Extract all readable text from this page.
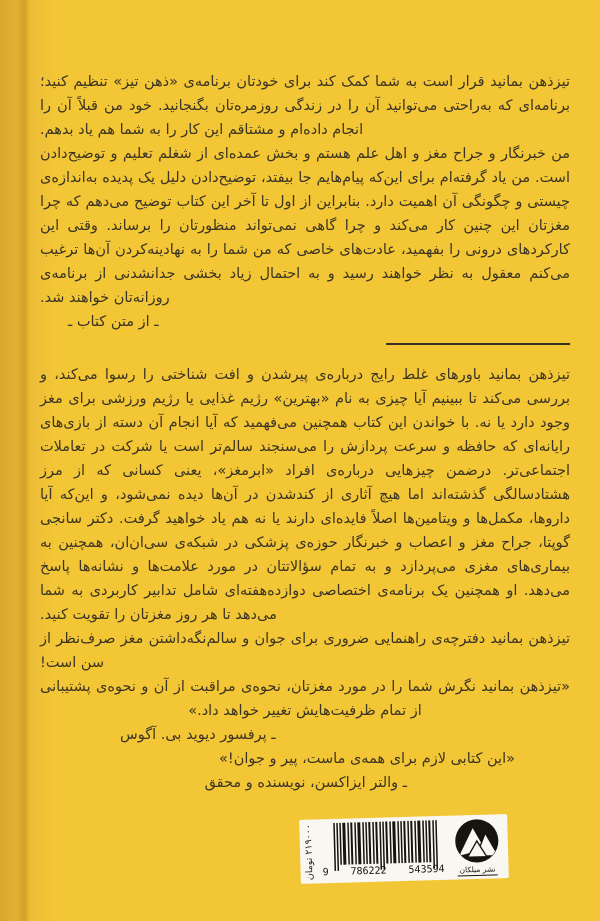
تیزذهن بمانید قرار است به شما کمک کند برای خودتان برنامه‌ی «ذهن تیز» تنظیم کنید؛ برنامه‌ای که به‌راحتی می‌توانید آن را در زندگی روزمره‌تان بگنجانید. خود من قبلاً آن را انجام داده‌ام و مشتاقم این کار را به شما هم یاد بدهم.

من خبرنگار و جراح مغز و اهل علم هستم و بخش عمده‌ای از شغلم تعلیم و توضیح‌دادن است. من یاد گرفته‌ام برای این‌که پیام‌هایم جا بیفتد، توضیح‌دادن دلیل یک پدیده به‌اندازه‌ی چیستی و چگونگی آن اهمیت دارد. بنابراین از اول تا آخر این کتاب توضیح می‌دهم که چرا مغزتان این چنین کار می‌کند و چرا گاهی نمی‌تواند منظورتان را برساند. وقتی این کارکردهای درونی را بفهمید، عادت‌های خاصی که من شما را به نهادینه‌کردن آن‌ها ترغیب می‌کنم معقول به نظر خواهند رسید و به احتمال زیاد بخشی جدانشدنی از برنامه‌ی روزانه‌تان خواهند شد.

ـ از متن کتاب ـ

تیزذهن بمانید باورهای غلط رایج درباره‌ی پیرشدن و افت شناختی را رسوا می‌کند، و بررسی می‌کند تا ببینیم آیا چیزی به نام «بهترین» رژیم غذایی یا رژیم ورزشی برای مغز وجود دارد یا نه. با خواندن این کتاب همچنین می‌فهمید که آیا انجام آن دسته از بازی‌های رایانه‌ای که حافظه و سرعت پردازش را می‌سنجند سالم‌تر است یا شرکت در تعاملات اجتماعی‌تر. درضمن چیزهایی درباره‌ی افراد «ابرمغز»، یعنی کسانی که از مرز هشتادسالگی گذشته‌اند اما هیچ آثاری از کندشدن در آن‌ها دیده نمی‌شود، و این‌که آیا داروها، مکمل‌ها و ویتامین‌ها اصلاً فایده‌ای دارند یا نه هم یاد خواهید گرفت. دکتر سانجی گوپتا، جراح مغز و اعصاب و خبرنگار حوزه‌ی پزشکی در شبکه‌ی سی‌ان‌ان، همچنین به بیماری‌های مغزی می‌پردازد و به تمام سؤالاتتان در مورد علامت‌ها و نشانه‌ها پاسخ می‌دهد. او همچنین یک برنامه‌ی اختصاصی دوازده‌هفته‌ای شامل تدابیر کاربردی به شما می‌دهد تا هر روز مغزتان را تقویت کنید.

تیزذهن بمانید دفترچه‌ی راهنمایی ضروری برای جوان و سالم‌نگه‌داشتن مغز صرف‌نظر از سن است!

«تیزذهن بمانید نگرش شما را در مورد مغزتان، نحوه‌ی مراقبت از آن و نحوه‌ی پشتیبانی از تمام ظرفیت‌هایش تغییر خواهد داد.»

ـ پرفسور دیوید بی. آگوس

«این کتابی لازم برای همه‌ی ماست، پیر و جوان!»

ـ والتر ایزاکسن، نویسنده و محقق

۲۱۹۰۰۰ تومان
9 786222 543594 نشر میلکان
